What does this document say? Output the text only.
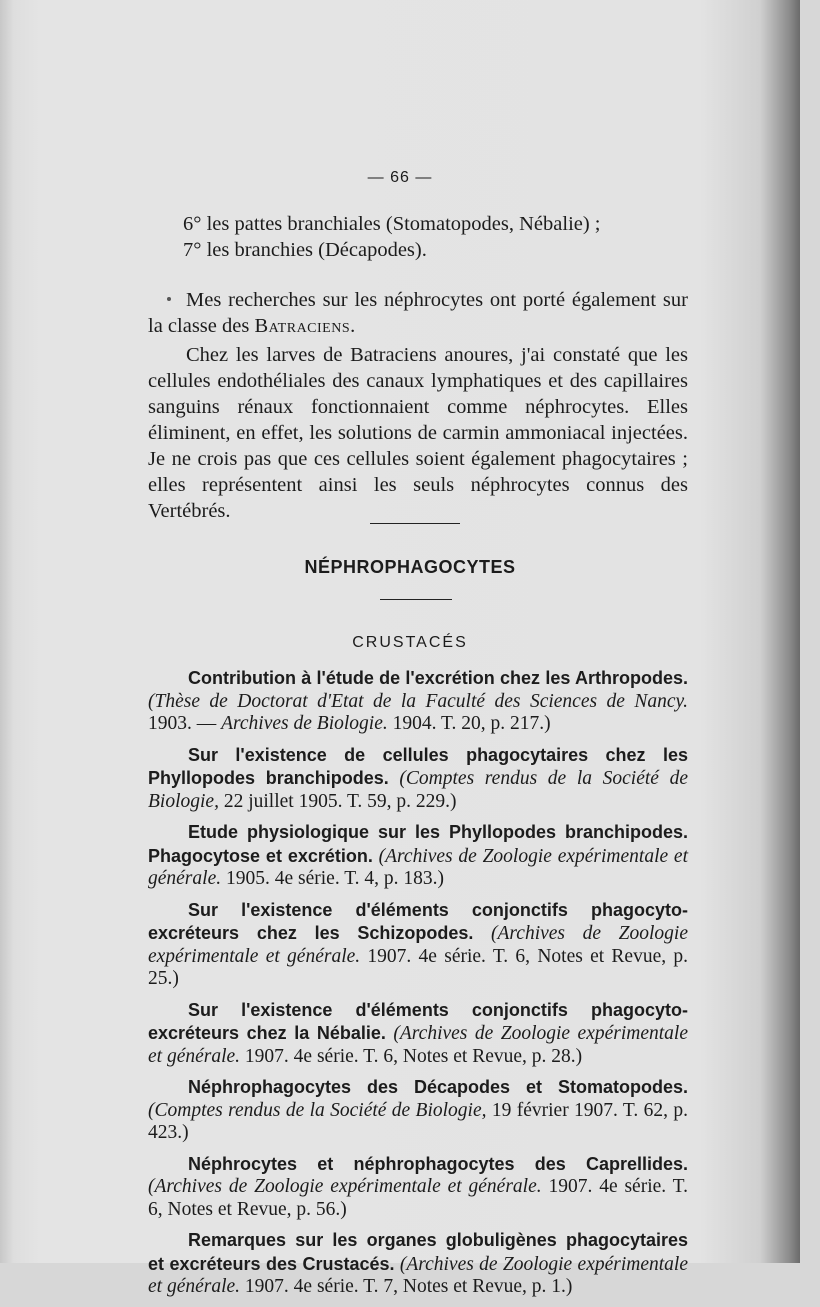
— 66 —

6° les pattes branchiales (Stomatopodes, Nébalie) ;

7° les branchies (Décapodes).

Mes recherches sur les néphrocytes ont porté également sur la classe des Batraciens.

Chez les larves de Batraciens anoures, j'ai constaté que les cellules endothéliales des canaux lymphatiques et des capillaires sanguins rénaux fonctionnaient comme néphrocytes. Elles éliminent, en effet, les solutions de carmin ammoniacal injectées. Je ne crois pas que ces cellules soient également phagocytaires ; elles représentent ainsi les seuls néphrocytes connus des Vertébrés.

NÉPHROPHAGOCYTES
CRUSTACÉS

Contribution à l'étude de l'excrétion chez les Arthropodes.(Thèse de Doctorat d'Etat de la Faculté des Sciences de Nancy. 1903. — Archives de Biologie. 1904. T. 20, p. 217.)

Sur l'existence de cellules phagocytaires chez les Phyllopodes branchipodes. (Comptes rendus de la Société de Biologie, 22 juillet 1905. T. 59, p. 229.)

Etude physiologique sur les Phyllopodes branchipodes. Phagocytose et excrétion. (Archives de Zoologie expérimentale et générale. 1905. 4e série. T. 4, p. 183.)

Sur l'existence d'éléments conjonctifs phagocyto-excréteurs chez les Schizopodes. (Archives de Zoologie expérimentale et générale. 1907. 4e série. T. 6, Notes et Revue, p. 25.)

Sur l'existence d'éléments conjonctifs phagocyto-excréteurs chez la Nébalie. (Archives de Zoologie expérimentale et générale. 1907. 4e série. T. 6, Notes et Revue, p. 28.)

Néphrophagocytes des Décapodes et Stomatopodes. (Comptes rendus de la Société de Biologie, 19 février 1907. T. 62, p. 423.)

Néphrocytes et néphrophagocytes des Caprellides. (Archives de Zoologie expérimentale et générale. 1907. 4e série. T. 6, Notes et Revue, p. 56.)

Remarques sur les organes globuligènes phagocytaires et excréteurs des Crustacés. (Archives de Zoologie expérimentale et générale. 1907. 4e série. T. 7, Notes et Revue, p. 1.)
